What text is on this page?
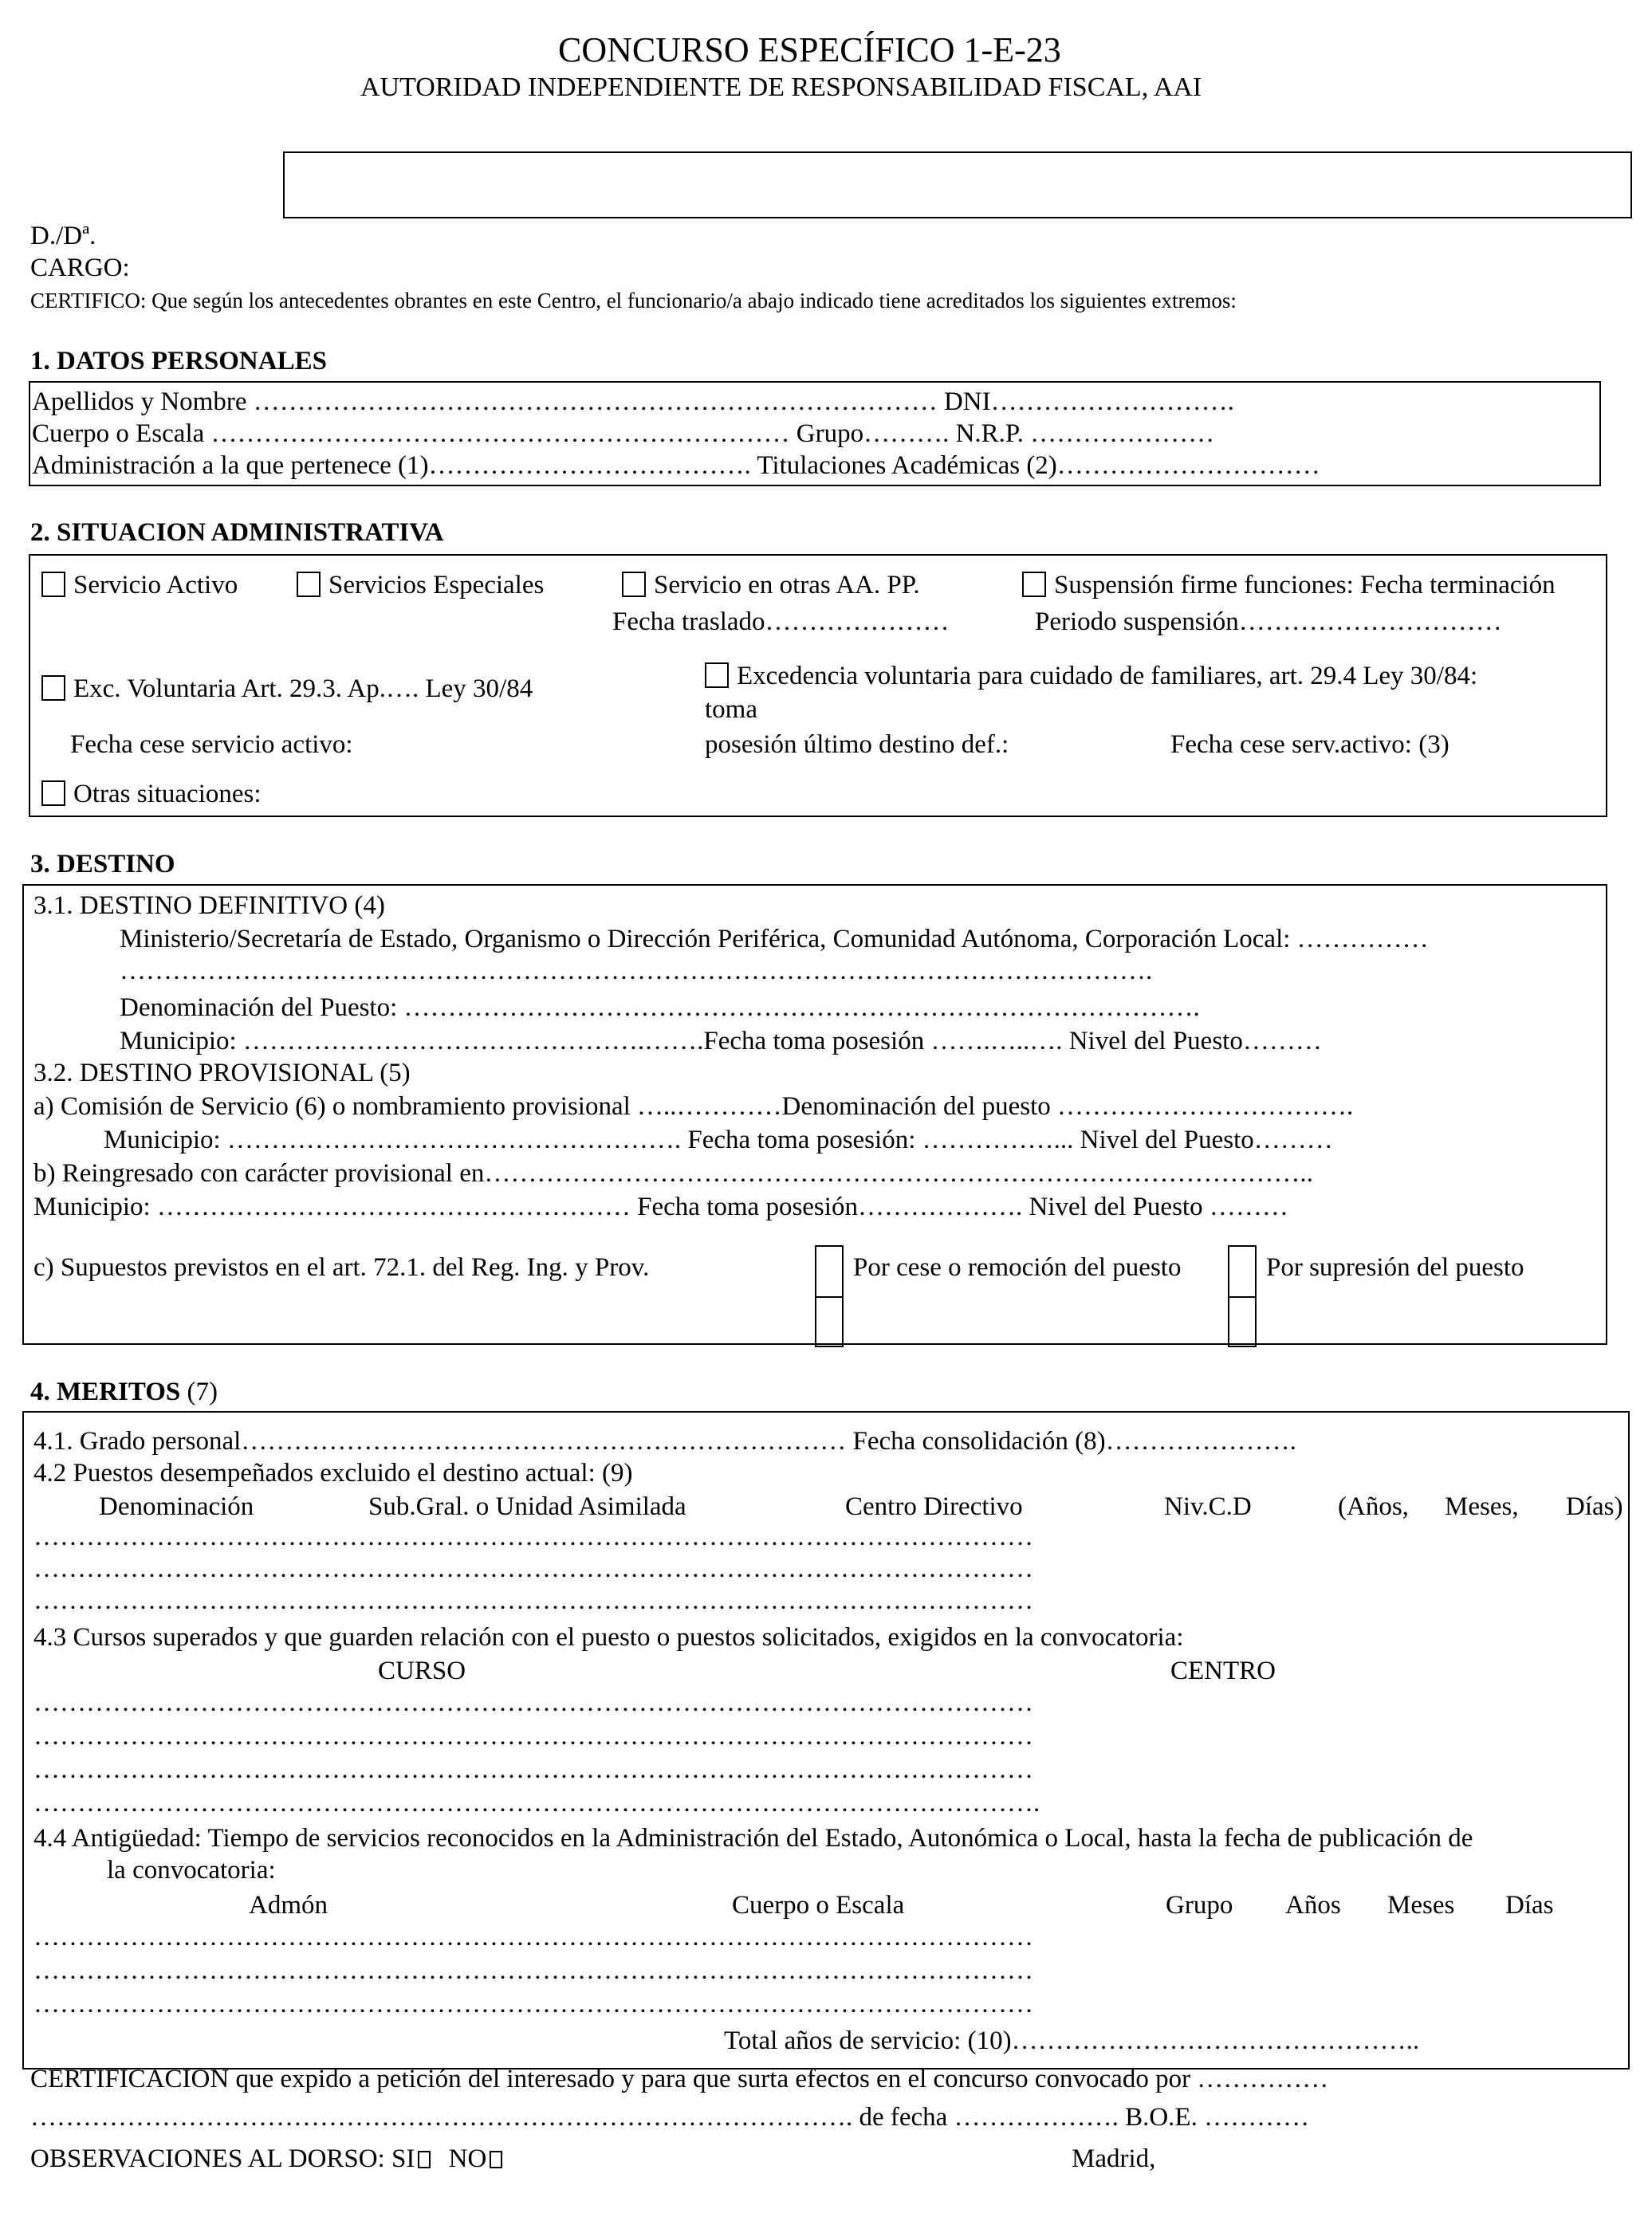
CONCURSO ESPECÍFICO 1-E-23
AUTORIDAD INDEPENDIENTE DE RESPONSABILIDAD FISCAL, AAI
D./Dª.
CARGO:
CERTIFICO: Que según los antecedentes obrantes en este Centro, el funcionario/a abajo indicado tiene acreditados los siguientes extremos:
1. DATOS PERSONALES
Apellidos y Nombre …………………………………………………………………… DNI……………………….
Cuerpo o Escala ………………………………………………………… Grupo………. N.R.P. …………………
Administración a la que pertenece (1)………………………………. Titulaciones Académicas (2)…………………………
2. SITUACION ADMINISTRATIVA
Servicio Activo	Servicios Especiales	Servicio en otras AA. PP.	Suspensión firme funciones: Fecha terminación
Fecha traslado…………………	Periodo suspensión…………………………
Exc. Voluntaria Art. 29.3. Ap.…. Ley 30/84	Excedencia voluntaria para cuidado de familiares, art. 29.4 Ley 30/84:
toma
Fecha cese servicio activo:	posesión último destino def.:	Fecha cese serv.activo: (3)
Otras situaciones:
3. DESTINO
3.1. DESTINO DEFINITIVO (4)
Ministerio/Secretaría de Estado, Organismo o Dirección Periférica, Comunidad Autónoma, Corporación Local: ……………
……………………………………………………………………………………………………….
Denominación del Puesto: ……………………………………………………………………………….
Municipio: ……………………………………….…….Fecha toma posesión …….…..…. Nivel del Puesto………
3.2. DESTINO PROVISIONAL (5)
a) Comisión de Servicio (6) o nombramiento provisional …..…………Denominación del puesto …………………………….
Municipio: ……………………………………………. Fecha toma posesión: ……………... Nivel del Puesto………
b) Reingresado con carácter provisional en…………………………………………………………………………………..
Municipio: ……………………………………………… Fecha toma posesión………………. Nivel del Puesto ………
c) Supuestos previstos en el art. 72.1. del Reg. Ing. y Prov.	Por cese o remoción del puesto	Por supresión del puesto
4. MERITOS (7)
4.1. Grado personal…………………………………………………………… Fecha consolidación (8)………………….
4.2 Puestos desempeñados excluido el destino actual: (9)
Denominación	Sub.Gral. o Unidad Asimilada	Centro Directivo	Niv.C.D	(Años, Meses, Días)
……………………………………………………………………………………………………
……………………………………………………………………………………………………
……………………………………………………………………………………………………
4.3 Cursos superados y que guarden relación con el puesto o puestos solicitados, exigidos en la convocatoria:
CURSO	CENTRO
……………………………………………………………………………………………………
……………………………………………………………………………………………………
……………………………………………………………………………………………………
…………………………………………………………………………………………………….
4.4 Antigüedad: Tiempo de servicios reconocidos en la Administración del Estado, Autonómica o Local, hasta la fecha de publicación de
la convocatoria:
Admón	Cuerpo o Escala	Grupo Años Meses Días
……………………………………………………………………………………………………
……………………………………………………………………………………………………
……………………………………………………………………………………………………
Total años de servicio: (10)………………………………………..
CERTIFICACION que expido a petición del interesado y para que surta efectos en el concurso convocado por ……………
…………………………………………………………………………………. de fecha ………………. B.O.E. …………
OBSERVACIONES AL DORSO: SI NO	Madrid,
